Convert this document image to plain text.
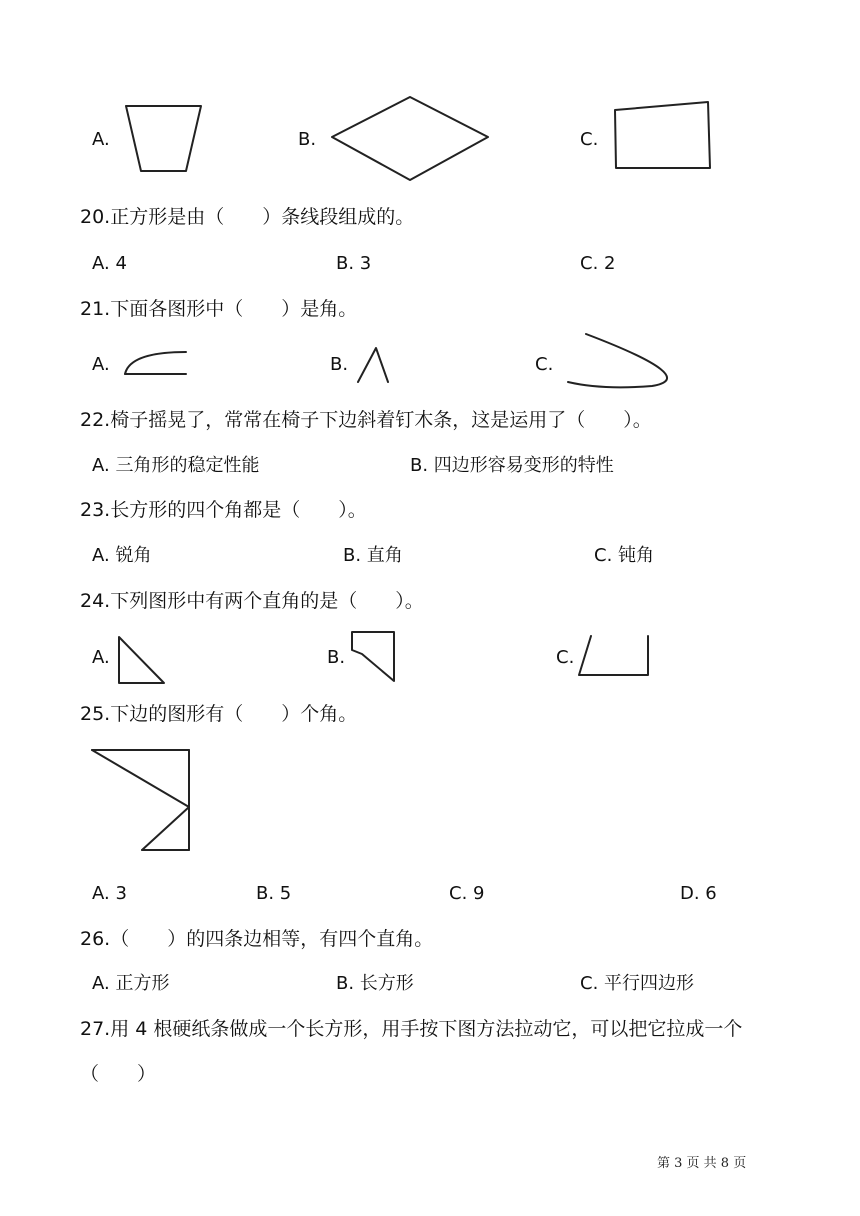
A.	B.	C.
20.正方形是由（　　）条线段组成的。
A. 4	B. 3	C. 2
21.下面各图形中（　　）是角。
A.	B.	C.
22.椅子摇晃了，常常在椅子下边斜着钉木条，这是运用了（　　）。
A. 三角形的稳定性能	B. 四边形容易变形的特性
23.长方形的四个角都是（　　）。
A. 锐角	B. 直角	C. 钝角
24.下列图形中有两个直角的是（　　）。
A.	B.	C.
25.下边的图形有（　　）个角。
A. 3	B. 5	C. 9	D. 6
26.（　　）的四条边相等，有四个直角。
A. 正方形	B. 长方形	C. 平行四边形
27.用 4 根硬纸条做成一个长方形，用手按下图方法拉动它，可以把它拉成一个
（　　）
第 3 页 共 8 页
